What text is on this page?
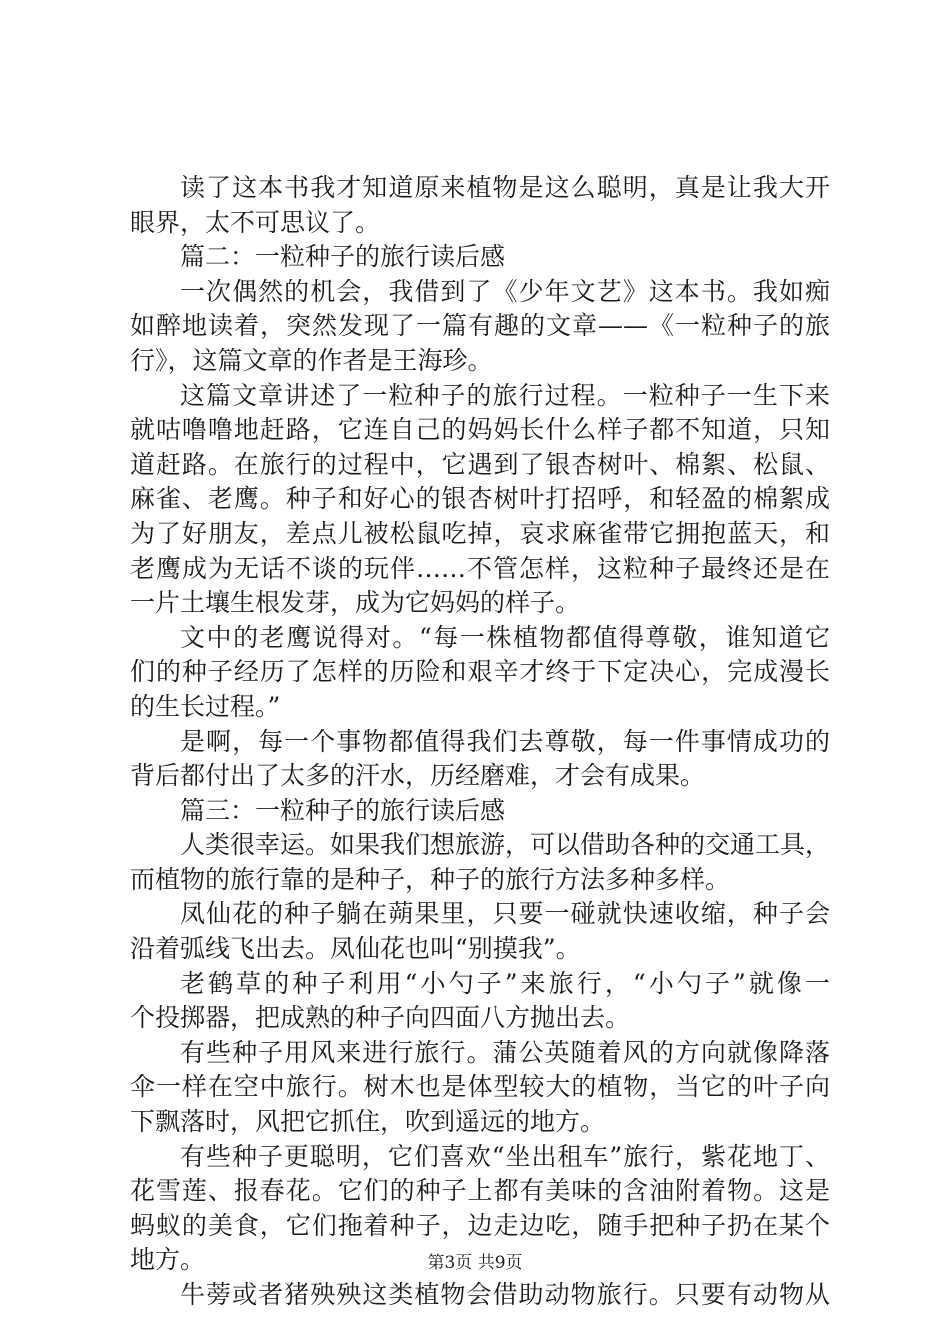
读了这本书我才知道原来植物是这么聪明，真是让我大开
眼界，太不可思议了。
篇二：一粒种子的旅行读后感
一次偶然的机会，我借到了《少年文艺》这本书。我如痴
如醉地读着，突然发现了一篇有趣的文章——《一粒种子的旅
行》，这篇文章的作者是王海珍。
这篇文章讲述了一粒种子的旅行过程。一粒种子一生下来
就咕噜噜地赶路，它连自己的妈妈长什么样子都不知道，只知
道赶路。在旅行的过程中，它遇到了银杏树叶、棉絮、松鼠、
麻雀、老鹰。种子和好心的银杏树叶打招呼，和轻盈的棉絮成
为了好朋友，差点儿被松鼠吃掉，哀求麻雀带它拥抱蓝天，和
老鹰成为无话不谈的玩伴……不管怎样，这粒种子最终还是在
一片土壤生根发芽，成为它妈妈的样子。
文中的老鹰说得对。“每一株植物都值得尊敬，谁知道它
们的种子经历了怎样的历险和艰辛才终于下定决心，完成漫长
的生长过程。”
是啊，每一个事物都值得我们去尊敬，每一件事情成功的
背后都付出了太多的汗水，历经磨难，才会有成果。
篇三：一粒种子的旅行读后感
人类很幸运。如果我们想旅游，可以借助各种的交通工具，
而植物的旅行靠的是种子，种子的旅行方法多种多样。
凤仙花的种子躺在蒴果里，只要一碰就快速收缩，种子会
沿着弧线飞出去。凤仙花也叫“别摸我”。
老鹤草的种子利用“小勺子”来旅行，“小勺子”就像一
个投掷器，把成熟的种子向四面八方抛出去。
有些种子用风来进行旅行。蒲公英随着风的方向就像降落
伞一样在空中旅行。树木也是体型较大的植物，当它的叶子向
下飘落时，风把它抓住，吹到遥远的地方。
有些种子更聪明，它们喜欢“坐出租车”旅行，紫花地丁、
花雪莲、报春花。它们的种子上都有美味的含油附着物。这是
蚂蚁的美食，它们拖着种子，边走边吃，随手把种子扔在某个
地方。
牛蒡或者猪殃殃这类植物会借助动物旅行。只要有动物从
第3页 共9页
